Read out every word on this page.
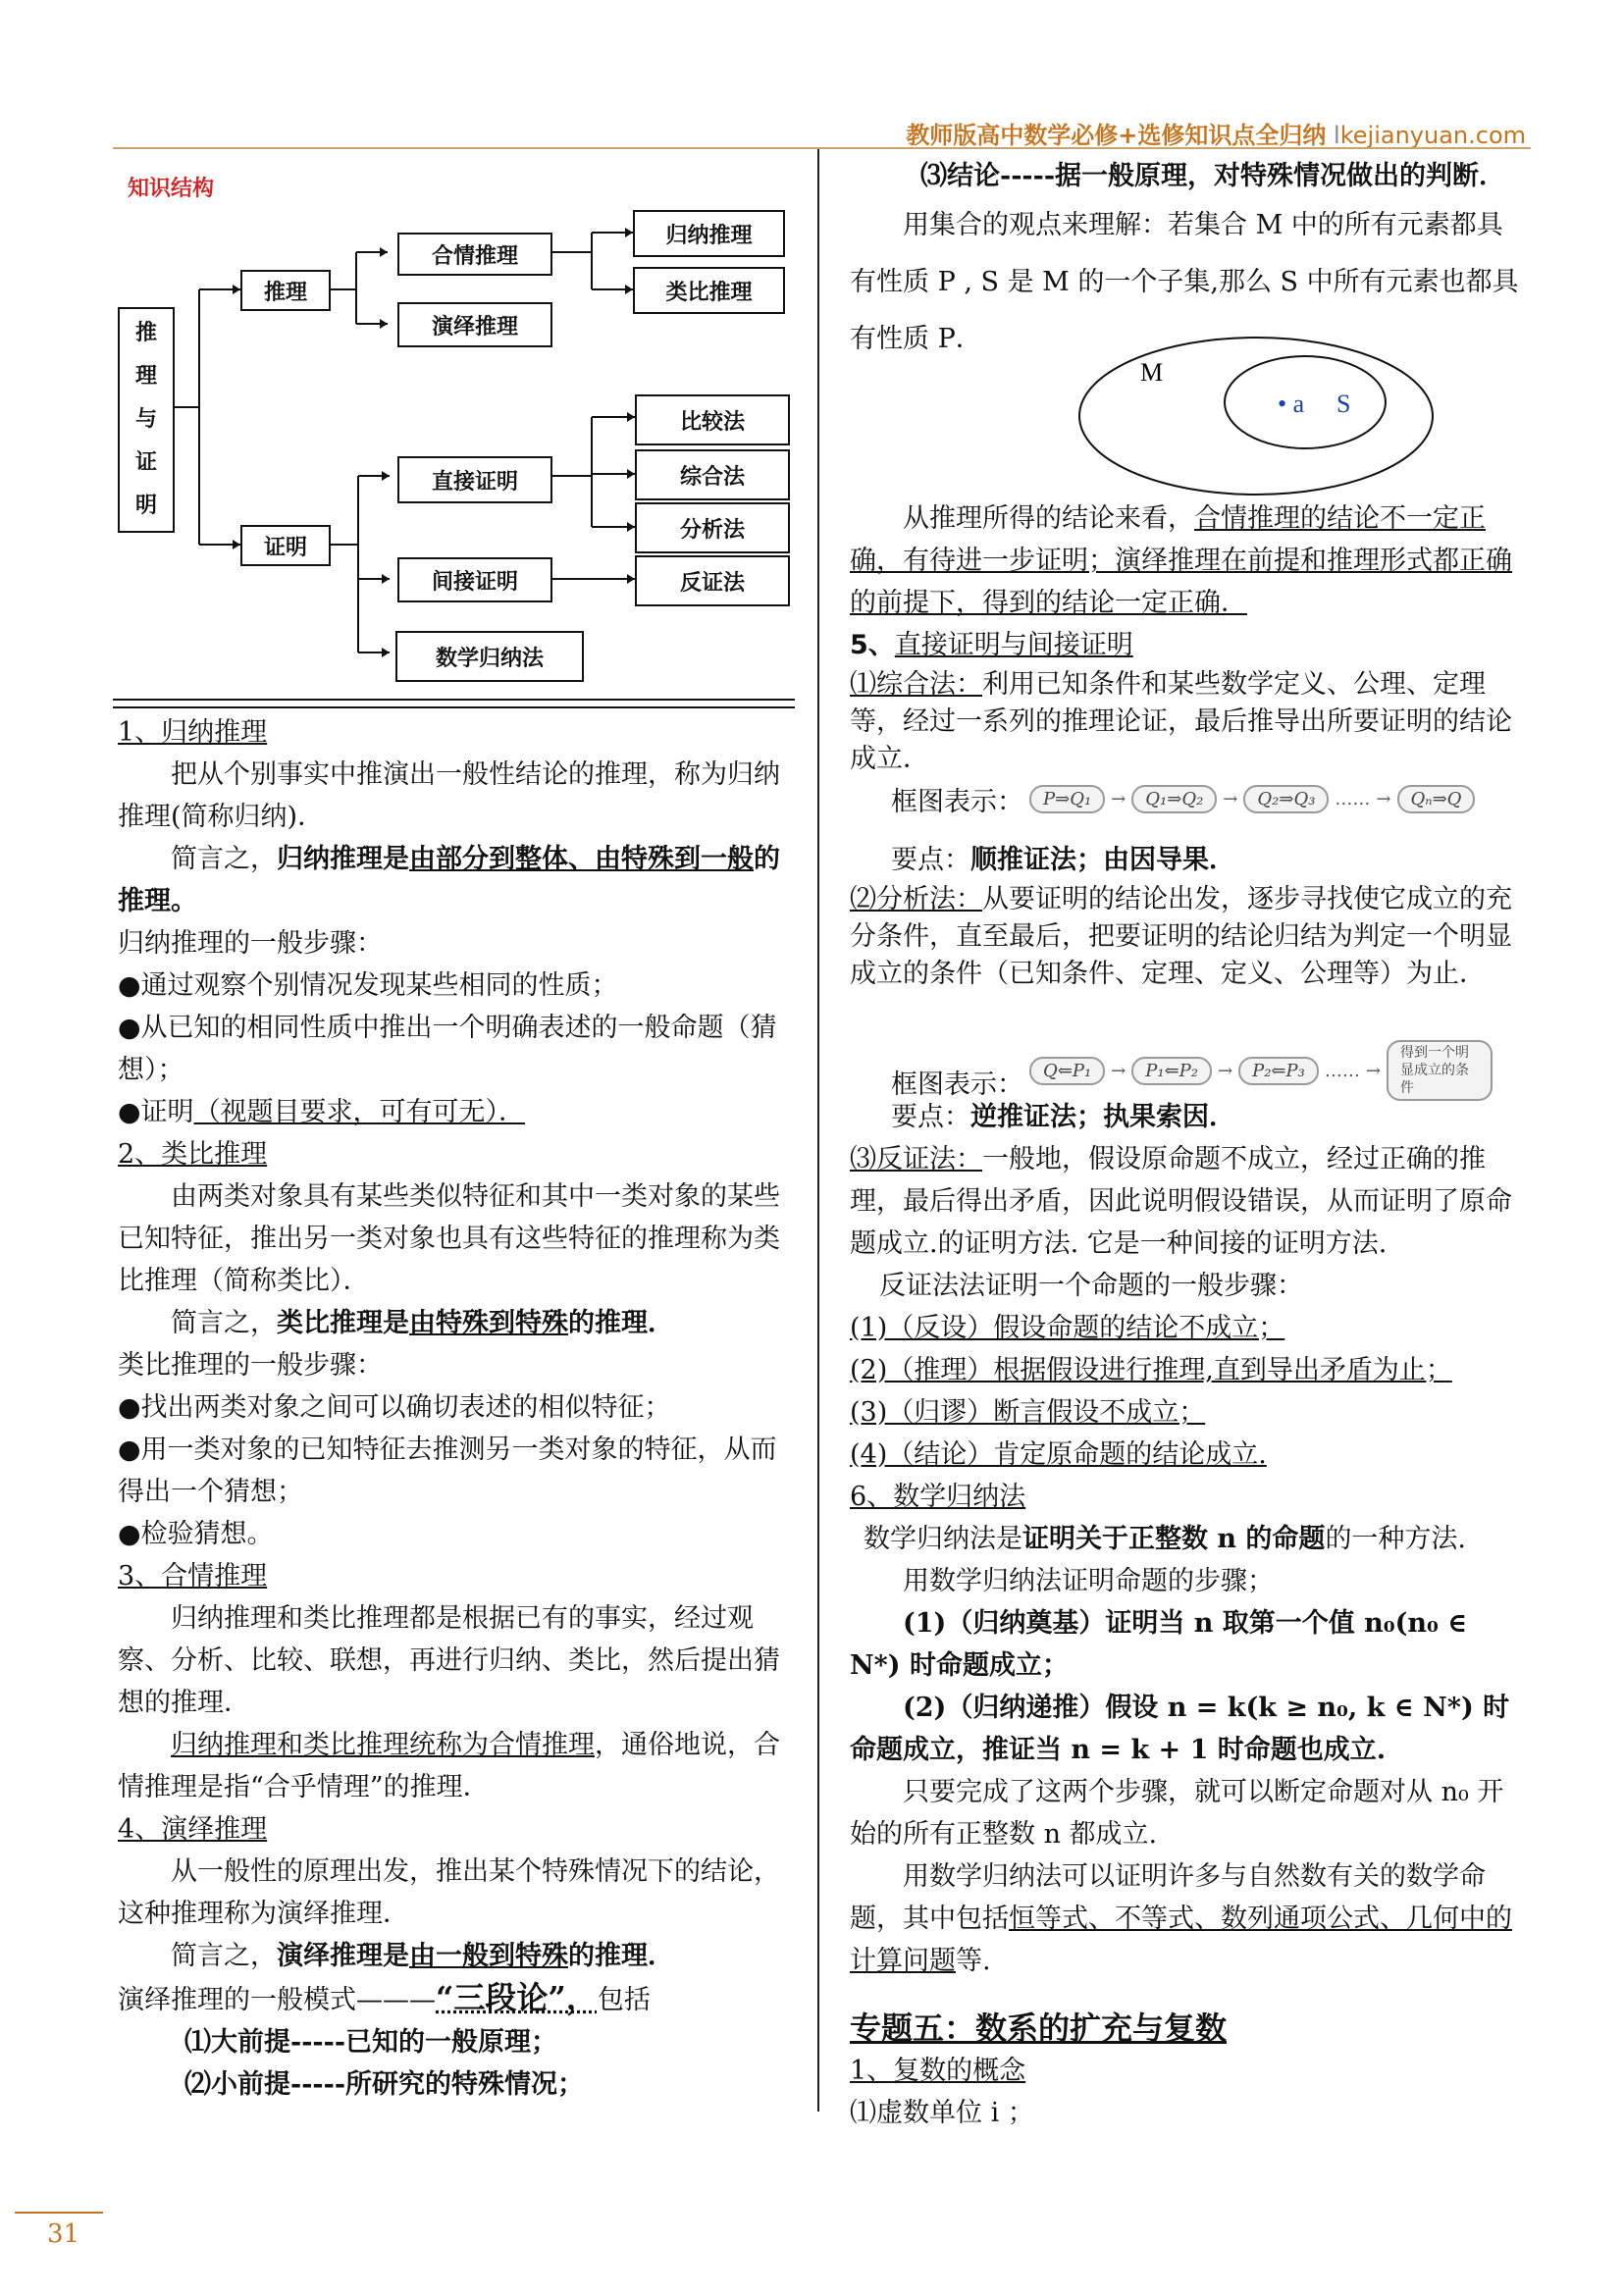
教师版高中数学必修+选修知识点全归纳 lkejianyuan.com
知识结构
推
理
与
证
明
推理
合情推理
演绎推理
归纳推理
类比推理
证明
直接证明
间接证明
数学归纳法
比较法
综合法
分析法
反证法

1、归纳推理

把从个别事实中推演出一般性结论的推理，称为归纳推理(简称归纳)．

简言之，归纳推理是由部分到整体、由特殊到一般的推理。

归纳推理的一般步骤：

●通过观察个别情况发现某些相同的性质；

●从已知的相同性质中推出一个明确表述的一般命题（猜想）；

●证明（视题目要求，可有可无）．

2、类比推理

由两类对象具有某些类似特征和其中一类对象的某些已知特征，推出另一类对象也具有这些特征的推理称为类比推理（简称类比）．

简言之，类比推理是由特殊到特殊的推理．

类比推理的一般步骤：

●找出两类对象之间可以确切表述的相似特征；

●用一类对象的已知特征去推测另一类对象的特征，从而得出一个猜想；

●检验猜想。

3、合情推理

归纳推理和类比推理都是根据已有的事实，经过观察、分析、比较、联想，再进行归纳、类比，然后提出猜想的推理．

归纳推理和类比推理统称为合情推理，通俗地说，合情推理是指“合乎情理”的推理．

4、演绎推理

从一般性的原理出发，推出某个特殊情况下的结论，这种推理称为演绎推理．

简言之，演绎推理是由一般到特殊的推理．

演绎推理的一般模式———“三段论”，包括

⑴大前提-----已知的一般原理；

⑵小前提-----所研究的特殊情况；

⑶结论-----据一般原理，对特殊情况做出的判断．

用集合的观点来理解：若集合 M 中的所有元素都具有性质 P , S 是 M 的一个子集,那么 S 中所有元素也都具有性质 P．

M
• a S

从推理所得的结论来看，合情推理的结论不一定正确，有待进一步证明；演绎推理在前提和推理形式都正确的前提下，得到的结论一定正确．

5、直接证明与间接证明

⑴综合法：利用已知条件和某些数学定义、公理、定理等，经过一系列的推理论证，最后推导出所要证明的结论成立．

框图表示：	P⇒Q₁	→	Q₁⇒Q₂	→	Q₂⇒Q₃	…… →	Qₙ⇒Q

要点：顺推证法；由因导果．

⑵分析法：从要证明的结论出发，逐步寻找使它成立的充分条件，直至最后，把要证明的结论归结为判定一个明显成立的条件（已知条件、定理、定义、公理等）为止．

框图表示：	Q⇐P₁	→	P₁⇐P₂	→	P₂⇐P₃	…… →
得到一个明显成立的条件

要点：逆推证法；执果索因．

⑶反证法：一般地，假设原命题不成立，经过正确的推理，最后得出矛盾，因此说明假设错误，从而证明了原命题成立.的证明方法. 它是一种间接的证明方法.

反证法法证明一个命题的一般步骤：

(1)（反设）假设命题的结论不成立；

(2)（推理）根据假设进行推理,直到导出矛盾为止；

(3)（归谬）断言假设不成立；

(4)（结论）肯定原命题的结论成立.

6、数学归纳法

数学归纳法是证明关于正整数 n 的命题的一种方法.

用数学归纳法证明命题的步骤；

(1)（归纳奠基）证明当 n 取第一个值 n₀(n₀ ∈ N*) 时命题成立；

(2)（归纳递推）假设 n = k(k ≥ n₀, k ∈ N*) 时命题成立，推证当 n = k + 1 时命题也成立.

只要完成了这两个步骤，就可以断定命题对从 n₀ 开始的所有正整数 n 都成立.

用数学归纳法可以证明许多与自然数有关的数学命题，其中包括恒等式、不等式、数列通项公式、几何中的计算问题等.

专题五：数系的扩充与复数

1、复数的概念

⑴虚数单位 i ；

31
